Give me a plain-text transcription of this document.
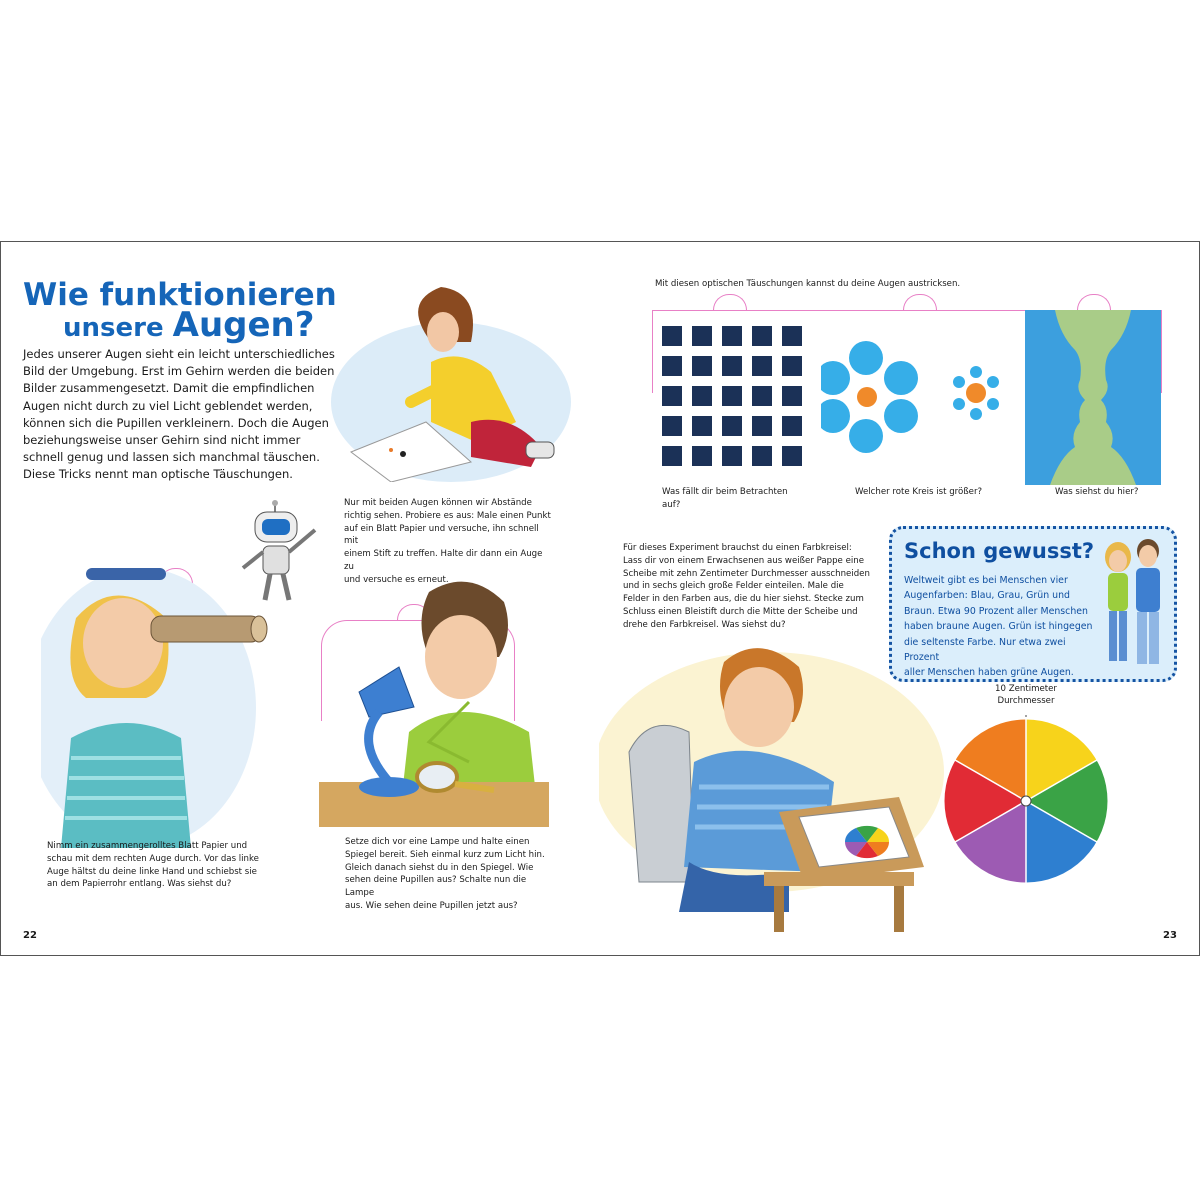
Wie funktionieren
unsere Augen?
Jedes unserer Augen sieht ein leicht unterschiedliches
Bild der Umgebung. Erst im Gehirn werden die beiden
Bilder zusammengesetzt. Damit die empfindlichen
Augen nicht durch zu viel Licht geblendet werden,
können sich die Pupillen verkleinern. Doch die Augen
beziehungsweise unser Gehirn sind nicht immer
schnell genug und lassen sich manchmal täuschen.
Diese Tricks nennt man optische Täuschungen.
Nur mit beiden Augen können wir Abstände
richtig sehen. Probiere es aus: Male einen Punkt
auf ein Blatt Papier und versuche, ihn schnell mit
einem Stift zu treffen. Halte dir dann ein Auge zu
und versuche es erneut.
Nimm ein zusammengerolltes Blatt Papier und
schau mit dem rechten Auge durch. Vor das linke
Auge hältst du deine linke Hand und schiebst sie
an dem Papierrohr entlang. Was siehst du?
Setze dich vor eine Lampe und halte einen
Spiegel bereit. Sieh einmal kurz zum Licht hin.
Gleich danach siehst du in den Spiegel. Wie
sehen deine Pupillen aus? Schalte nun die Lampe
aus. Wie sehen deine Pupillen jetzt aus?
22
Mit diesen optischen Täuschungen kannst du deine Augen austricksen.
Was fällt dir beim Betrachten auf?
Welcher rote Kreis ist größer?	Was siehst du hier?
Für dieses Experiment brauchst du einen Farbkreisel:
Lass dir von einem Erwachsenen aus weißer Pappe eine
Scheibe mit zehn Zentimeter Durchmesser ausschneiden
und in sechs gleich große Felder einteilen. Male die
Felder in den Farben aus, die du hier siehst. Stecke zum
Schluss einen Bleistift durch die Mitte der Scheibe und
drehe den Farbkreisel. Was siehst du?
Schon gewusst?
Weltweit gibt es bei Menschen vier
Augenfarben: Blau, Grau, Grün und
Braun. Etwa 90 Prozent aller Menschen
haben braune Augen. Grün ist hingegen
die seltenste Farbe. Nur etwa zwei Prozent
aller Menschen haben grüne Augen.
10 Zentimeter
Durchmesser
23
